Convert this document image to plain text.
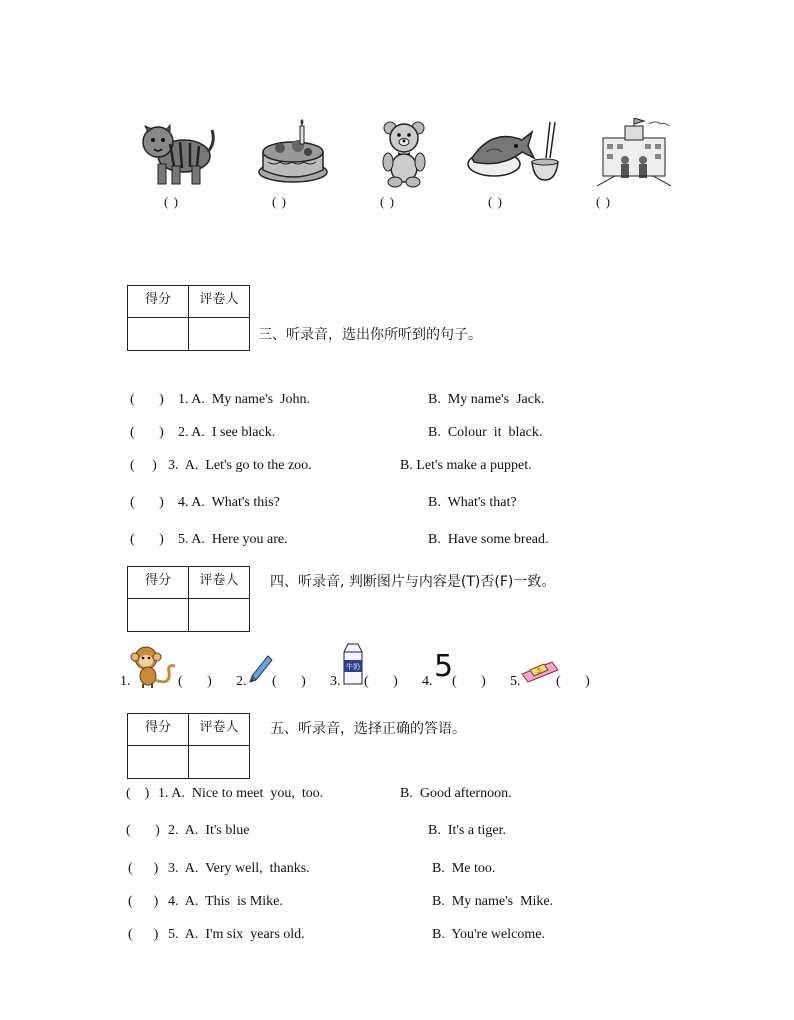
( )	( )	( )	( )	( )
得分	评卷人

三、听录音，选出你所听到的句子。
(       ) 1. A.  My name's  John.	B.  My name's  Jack.
(       ) 2. A.  I see black.	B.  Colour  it  black.
(     ) 3.  A.  Let's go to the zoo.	B. Let's make a puppet.
(       ) 4. A.  What's this?	B.  What's that?
(       ) 5. A.  Here you are.	B.  Have some bread.
得分	评卷人
	四、听录音, 判断图片与内容是(T)否(F)一致。
1.	(       ) 2. (       ) 3.
牛奶
(       ) 4. 5
(       ) 5.
5
(       )
得分	评卷人
	五、听录音，选择正确的答语。
(    ) 1. A.  Nice to meet  you,  too.	B.  Good afternoon.
(       ) 2.  A.  It's blue	B.  It's a tiger.
(      ) 3.  A.  Very well,  thanks.	B.  Me too.
(      ) 4.  A.  This  is Mike.	B.  My name's  Mike.
(      ) 5.  A.  I'm six  years old.	B.  You're welcome.
